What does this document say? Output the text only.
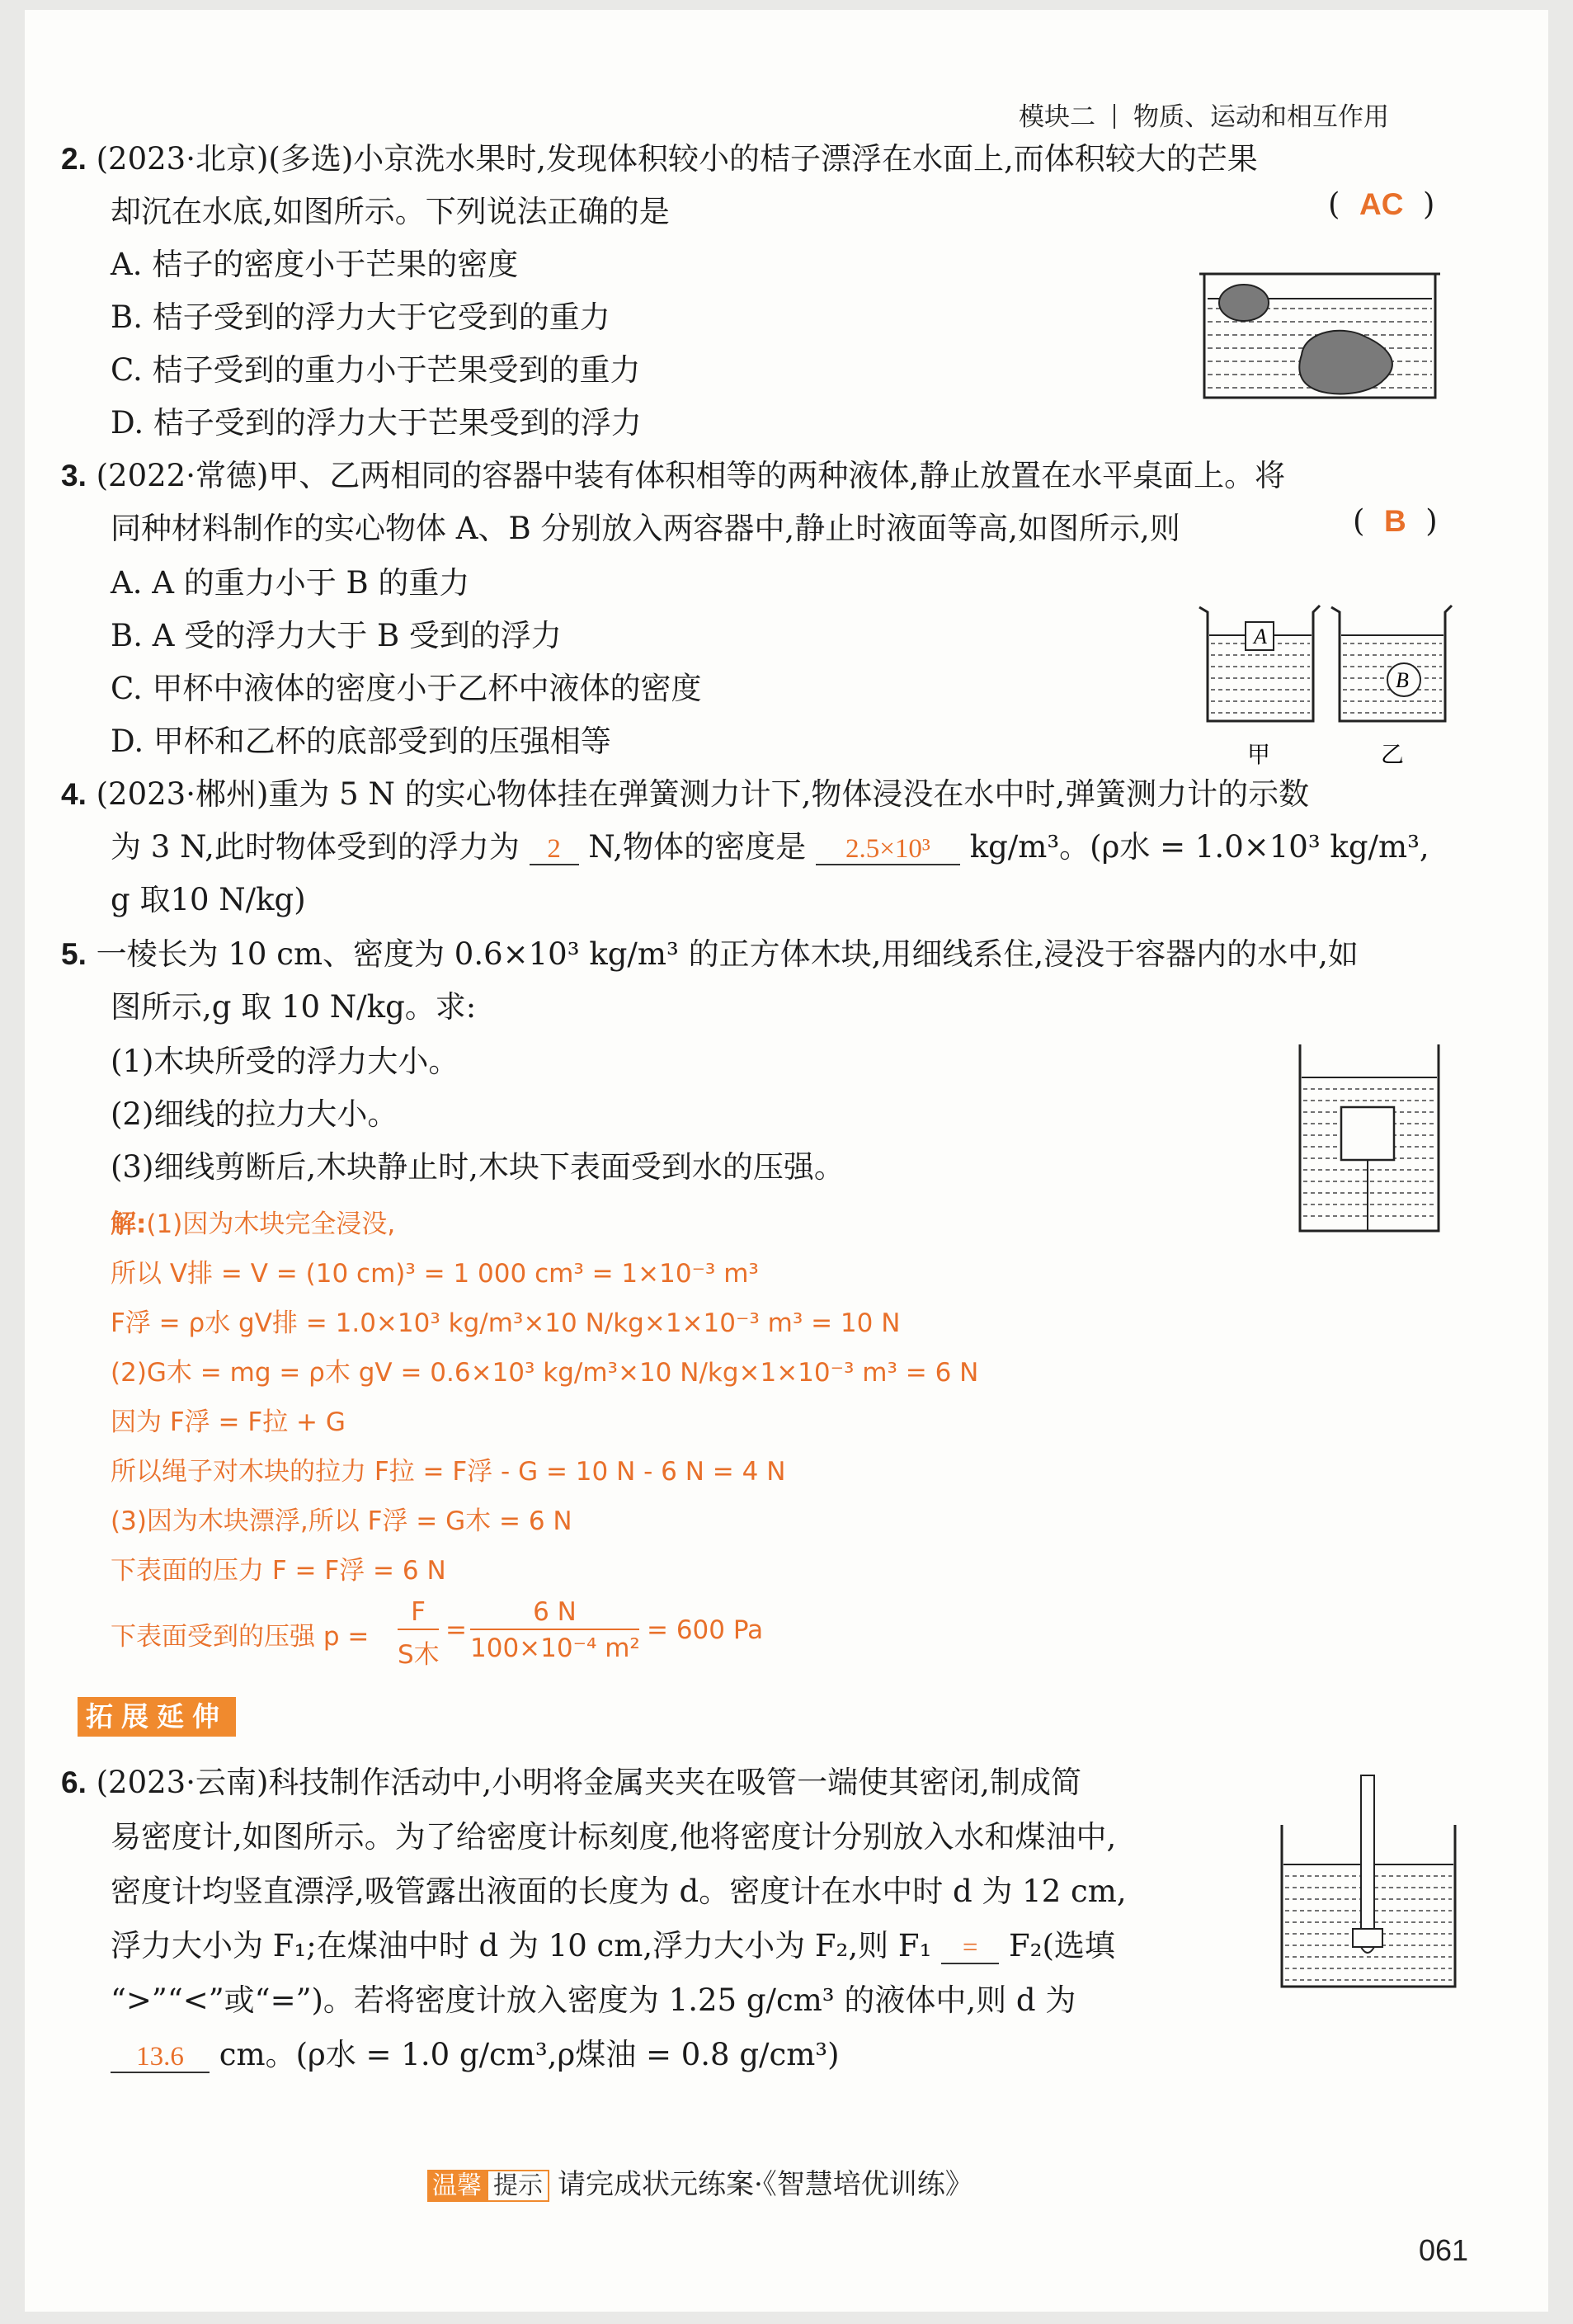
模块二 物质、运动和相互作用
2. (2023·北京)(多选)小京洗水果时,发现体积较小的桔子漂浮在水面上,而体积较大的芒果
却沉在水底,如图所示。下列说法正确的是	(  AC  )
A. 桔子的密度小于芒果的密度
B. 桔子受到的浮力大于它受到的重力
C. 桔子受到的重力小于芒果受到的重力
D. 桔子受到的浮力大于芒果受到的浮力
3. (2022·常德)甲、乙两相同的容器中装有体积相等的两种液体,静止放置在水平桌面上。将
同种材料制作的实心物体 A、B 分别放入两容器中,静止时液面等高,如图所示,则	(  B  )
A. A 的重力小于 B 的重力
B. A 受的浮力大于 B 受到的浮力
C. 甲杯中液体的密度小于乙杯中液体的密度
D. 甲杯和乙杯的底部受到的压强相等
A
B
甲	乙
4. (2023·郴州)重为 5 N 的实心物体挂在弹簧测力计下,物体浸没在水中时,弹簧测力计的示数
为 3 N,此时物体受到的浮力为 2 N,物体的密度是 2.5×10³ kg/m³。(ρ水 = 1.0×10³ kg/m³,
g 取10 N/kg)
5. 一棱长为 10 cm、密度为 0.6×10³ kg/m³ 的正方体木块,用细线系住,浸没于容器内的水中,如
图所示,g 取 10 N/kg。求:
(1)木块所受的浮力大小。
(2)细线的拉力大小。
(3)细线剪断后,木块静止时,木块下表面受到水的压强。
解:(1)因为木块完全浸没,
所以 V排 = V = (10 cm)³ = 1 000 cm³ = 1×10⁻³ m³
F浮 = ρ水 gV排 = 1.0×10³ kg/m³×10 N/kg×1×10⁻³ m³ = 10 N
(2)G木 = mg = ρ木 gV = 0.6×10³ kg/m³×10 N/kg×1×10⁻³ m³ = 6 N
因为 F浮 = F拉 + G
所以绳子对木块的拉力 F拉 = F浮 - G = 10 N - 6 N = 4 N
(3)因为木块漂浮,所以 F浮 = G木 = 6 N
下表面的压力 F = F浮 = 6 N
下表面受到的压强 p =
F
S木
=
6 N
100×10⁻⁴ m²
= 600 Pa
拓展延伸
6. (2023·云南)科技制作活动中,小明将金属夹夹在吸管一端使其密闭,制成简
易密度计,如图所示。为了给密度计标刻度,他将密度计分别放入水和煤油中,
密度计均竖直漂浮,吸管露出液面的长度为 d。密度计在水中时 d 为 12 cm,
浮力大小为 F₁;在煤油中时 d 为 10 cm,浮力大小为 F₂,则 F₁ = F₂(选填
“>”“<”或“=”)。若将密度计放入密度为 1.25 g/cm³ 的液体中,则 d 为
13.6 cm。(ρ水 = 1.0 g/cm³,ρ煤油 = 0.8 g/cm³)
温馨 提示 请完成状元练案·《智慧培优训练》
061
